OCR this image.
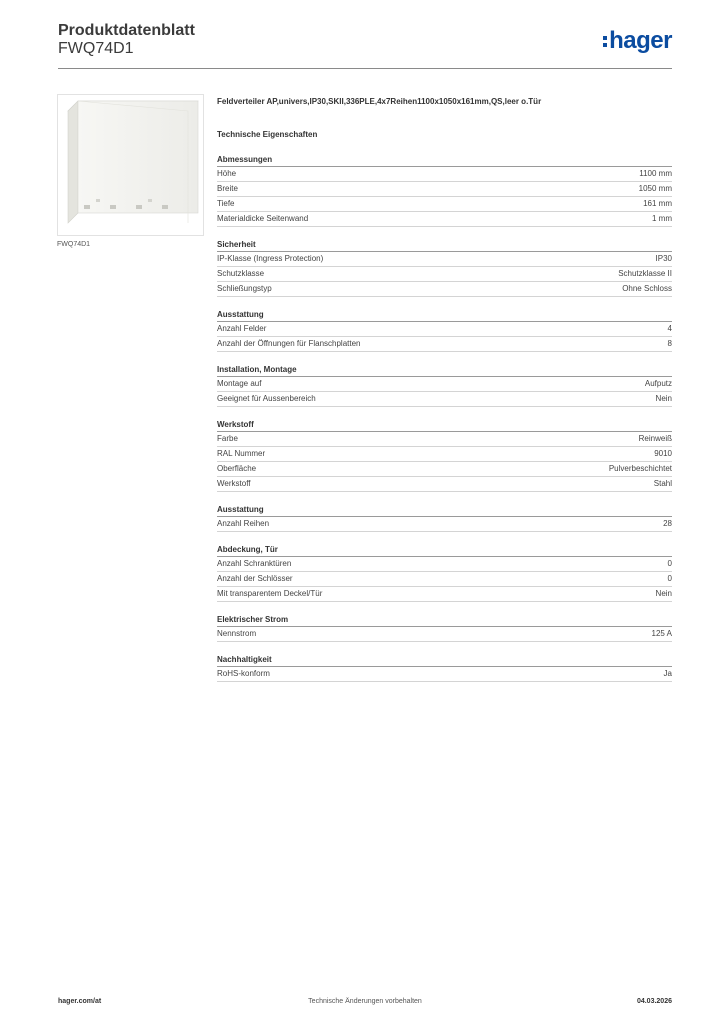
Produktdatenblatt
FWQ74D1	hager
FWQ74D1
Feldverteiler AP,univers,IP30,SKII,336PLE,4x7Reihen1100x1050x161mm,QS,leer o.Tür
Technische Eigenschaften
Abmessungen
Höhe	1100 mm
Breite	1050 mm
Tiefe	161 mm
Materialdicke Seitenwand	1 mm
Sicherheit
IP-Klasse (Ingress Protection)	IP30
Schutzklasse	Schutzklasse II
Schließungstyp	Ohne Schloss
Ausstattung
Anzahl Felder	4
Anzahl der Öffnungen für Flanschplatten	8
Installation, Montage
Montage auf	Aufputz
Geeignet für Aussenbereich	Nein
Werkstoff
Farbe	Reinweiß
RAL Nummer	9010
Oberfläche	Pulverbeschichtet
Werkstoff	Stahl
Ausstattung
Anzahl Reihen	28
Abdeckung, Tür
Anzahl Schranktüren	0
Anzahl der Schlösser	0
Mit transparentem Deckel/Tür	Nein
Elektrischer Strom
Nennstrom	125 A
Nachhaltigkeit
RoHS-konform	Ja
hager.com/at	Technische Änderungen vorbehalten	04.03.2026
